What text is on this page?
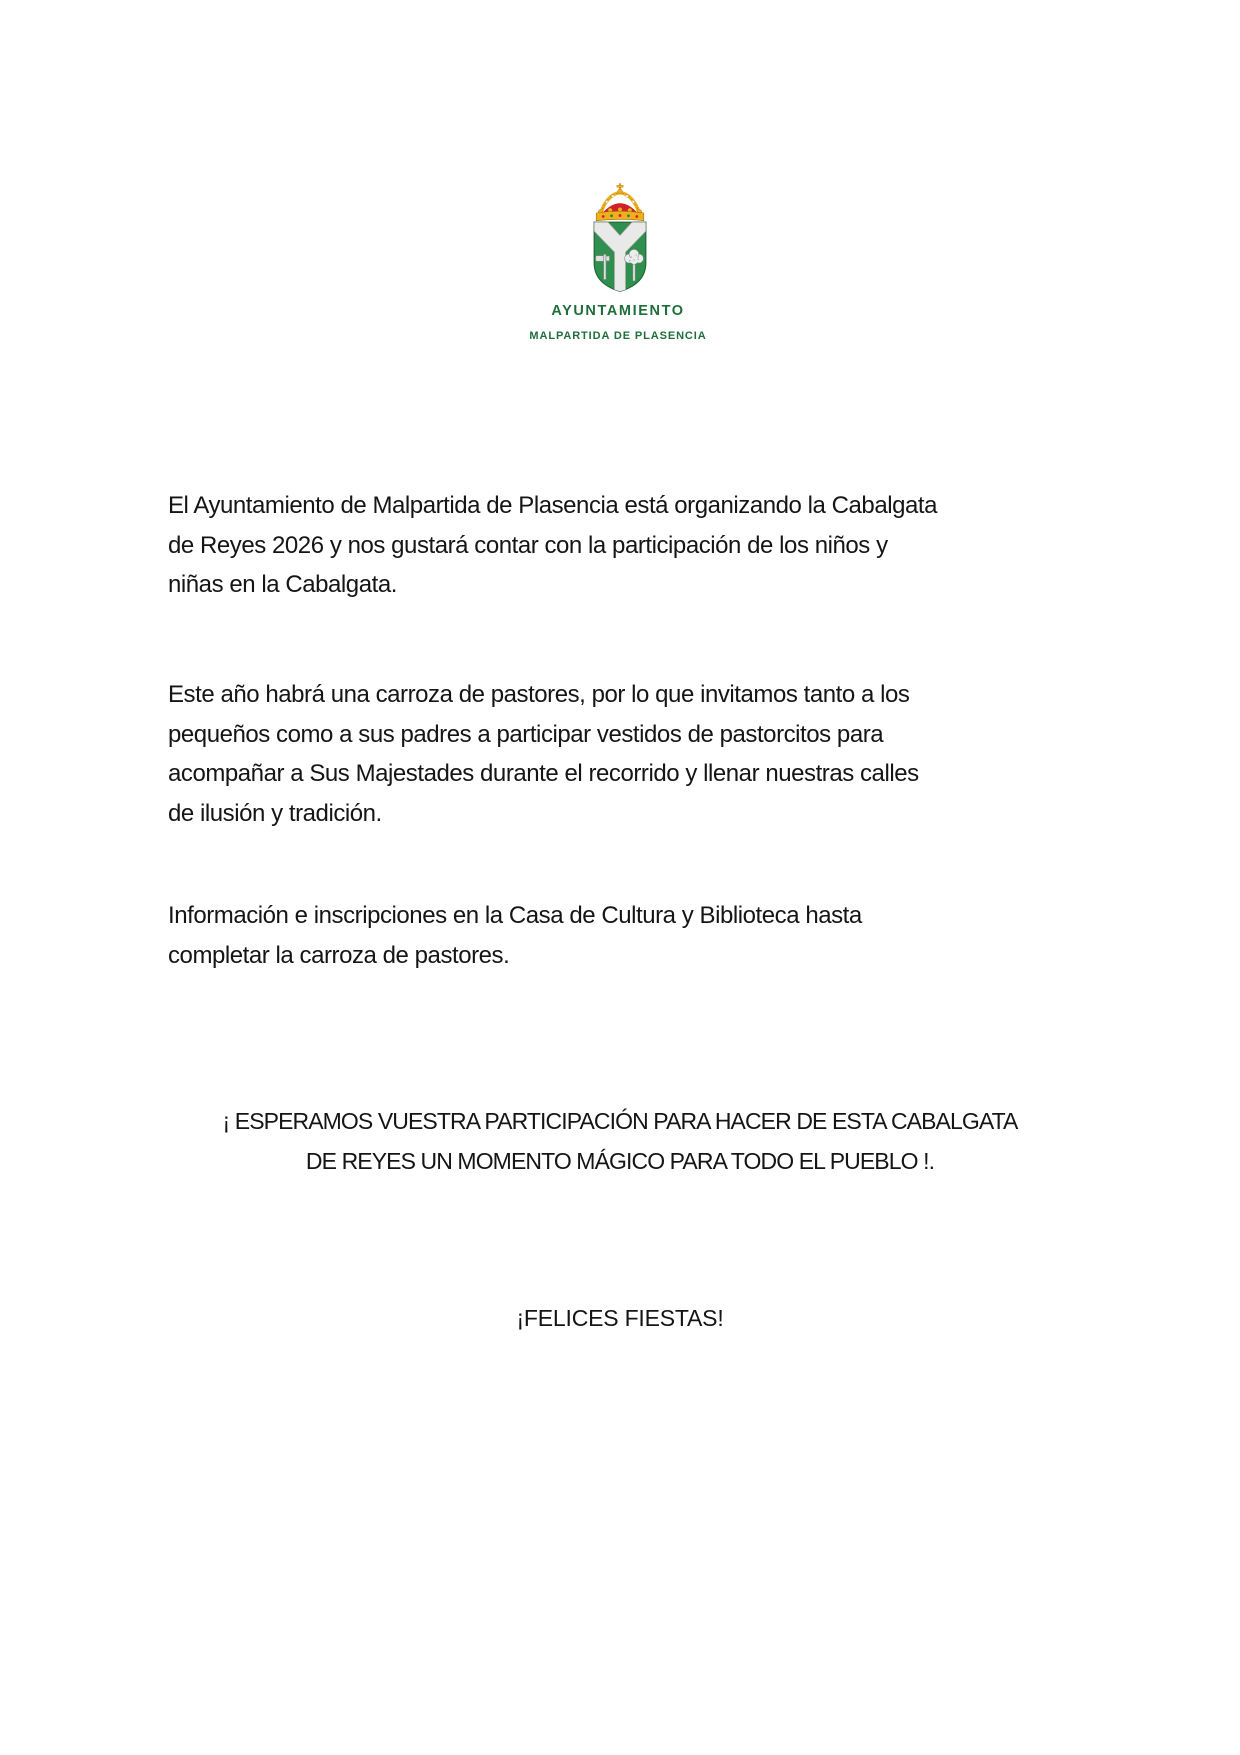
AYUNTAMIENTO
MALPARTIDA DE PLASENCIA
El Ayuntamiento de Malpartida de Plasencia está organizando la Cabalgata
de Reyes 2026 y nos gustará contar con la participación de los niños y
niñas en la Cabalgata.
Este año habrá una carroza de pastores, por lo que invitamos tanto a los
pequeños como a sus padres a participar vestidos de pastorcitos para
acompañar a Sus Majestades durante el recorrido y llenar nuestras calles
de ilusión y tradición.
Información e inscripciones en la Casa de Cultura y Biblioteca hasta
completar la carroza de pastores.
¡ ESPERAMOS VUESTRA PARTICIPACIÓN PARA HACER DE ESTA CABALGATA
DE REYES UN MOMENTO MÁGICO PARA TODO EL PUEBLO !.
¡FELICES FIESTAS!
